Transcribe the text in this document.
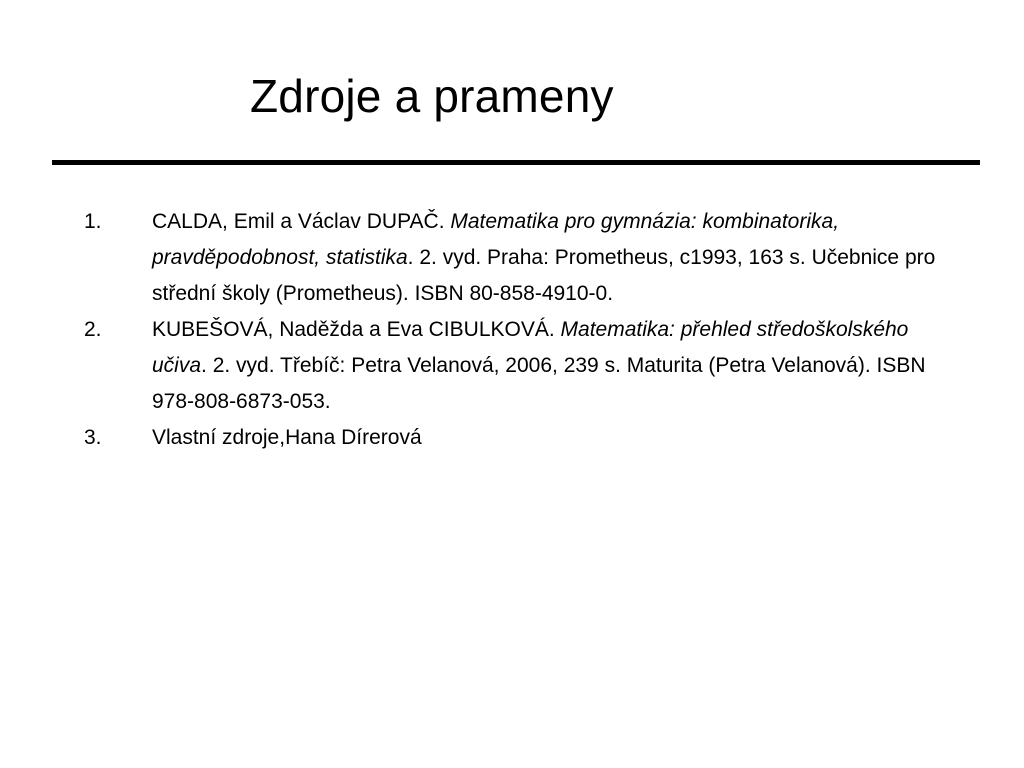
Zdroje a prameny
1.	CALDA, Emil a Václav DUPAČ. Matematika pro gymnázia: kombinatorika, pravděpodobnost, statistika. 2. vyd. Praha: Prometheus, c1993, 163 s. Učebnice pro střední školy (Prometheus). ISBN 80-858-4910-0.
2.	KUBEŠOVÁ, Naděžda a Eva CIBULKOVÁ. Matematika: přehled středoškolského učiva. 2. vyd. Třebíč: Petra Velanová, 2006, 239 s. Maturita (Petra Velanová). ISBN 978-808-6873-053.
3.	Vlastní zdroje,Hana Dírerová
